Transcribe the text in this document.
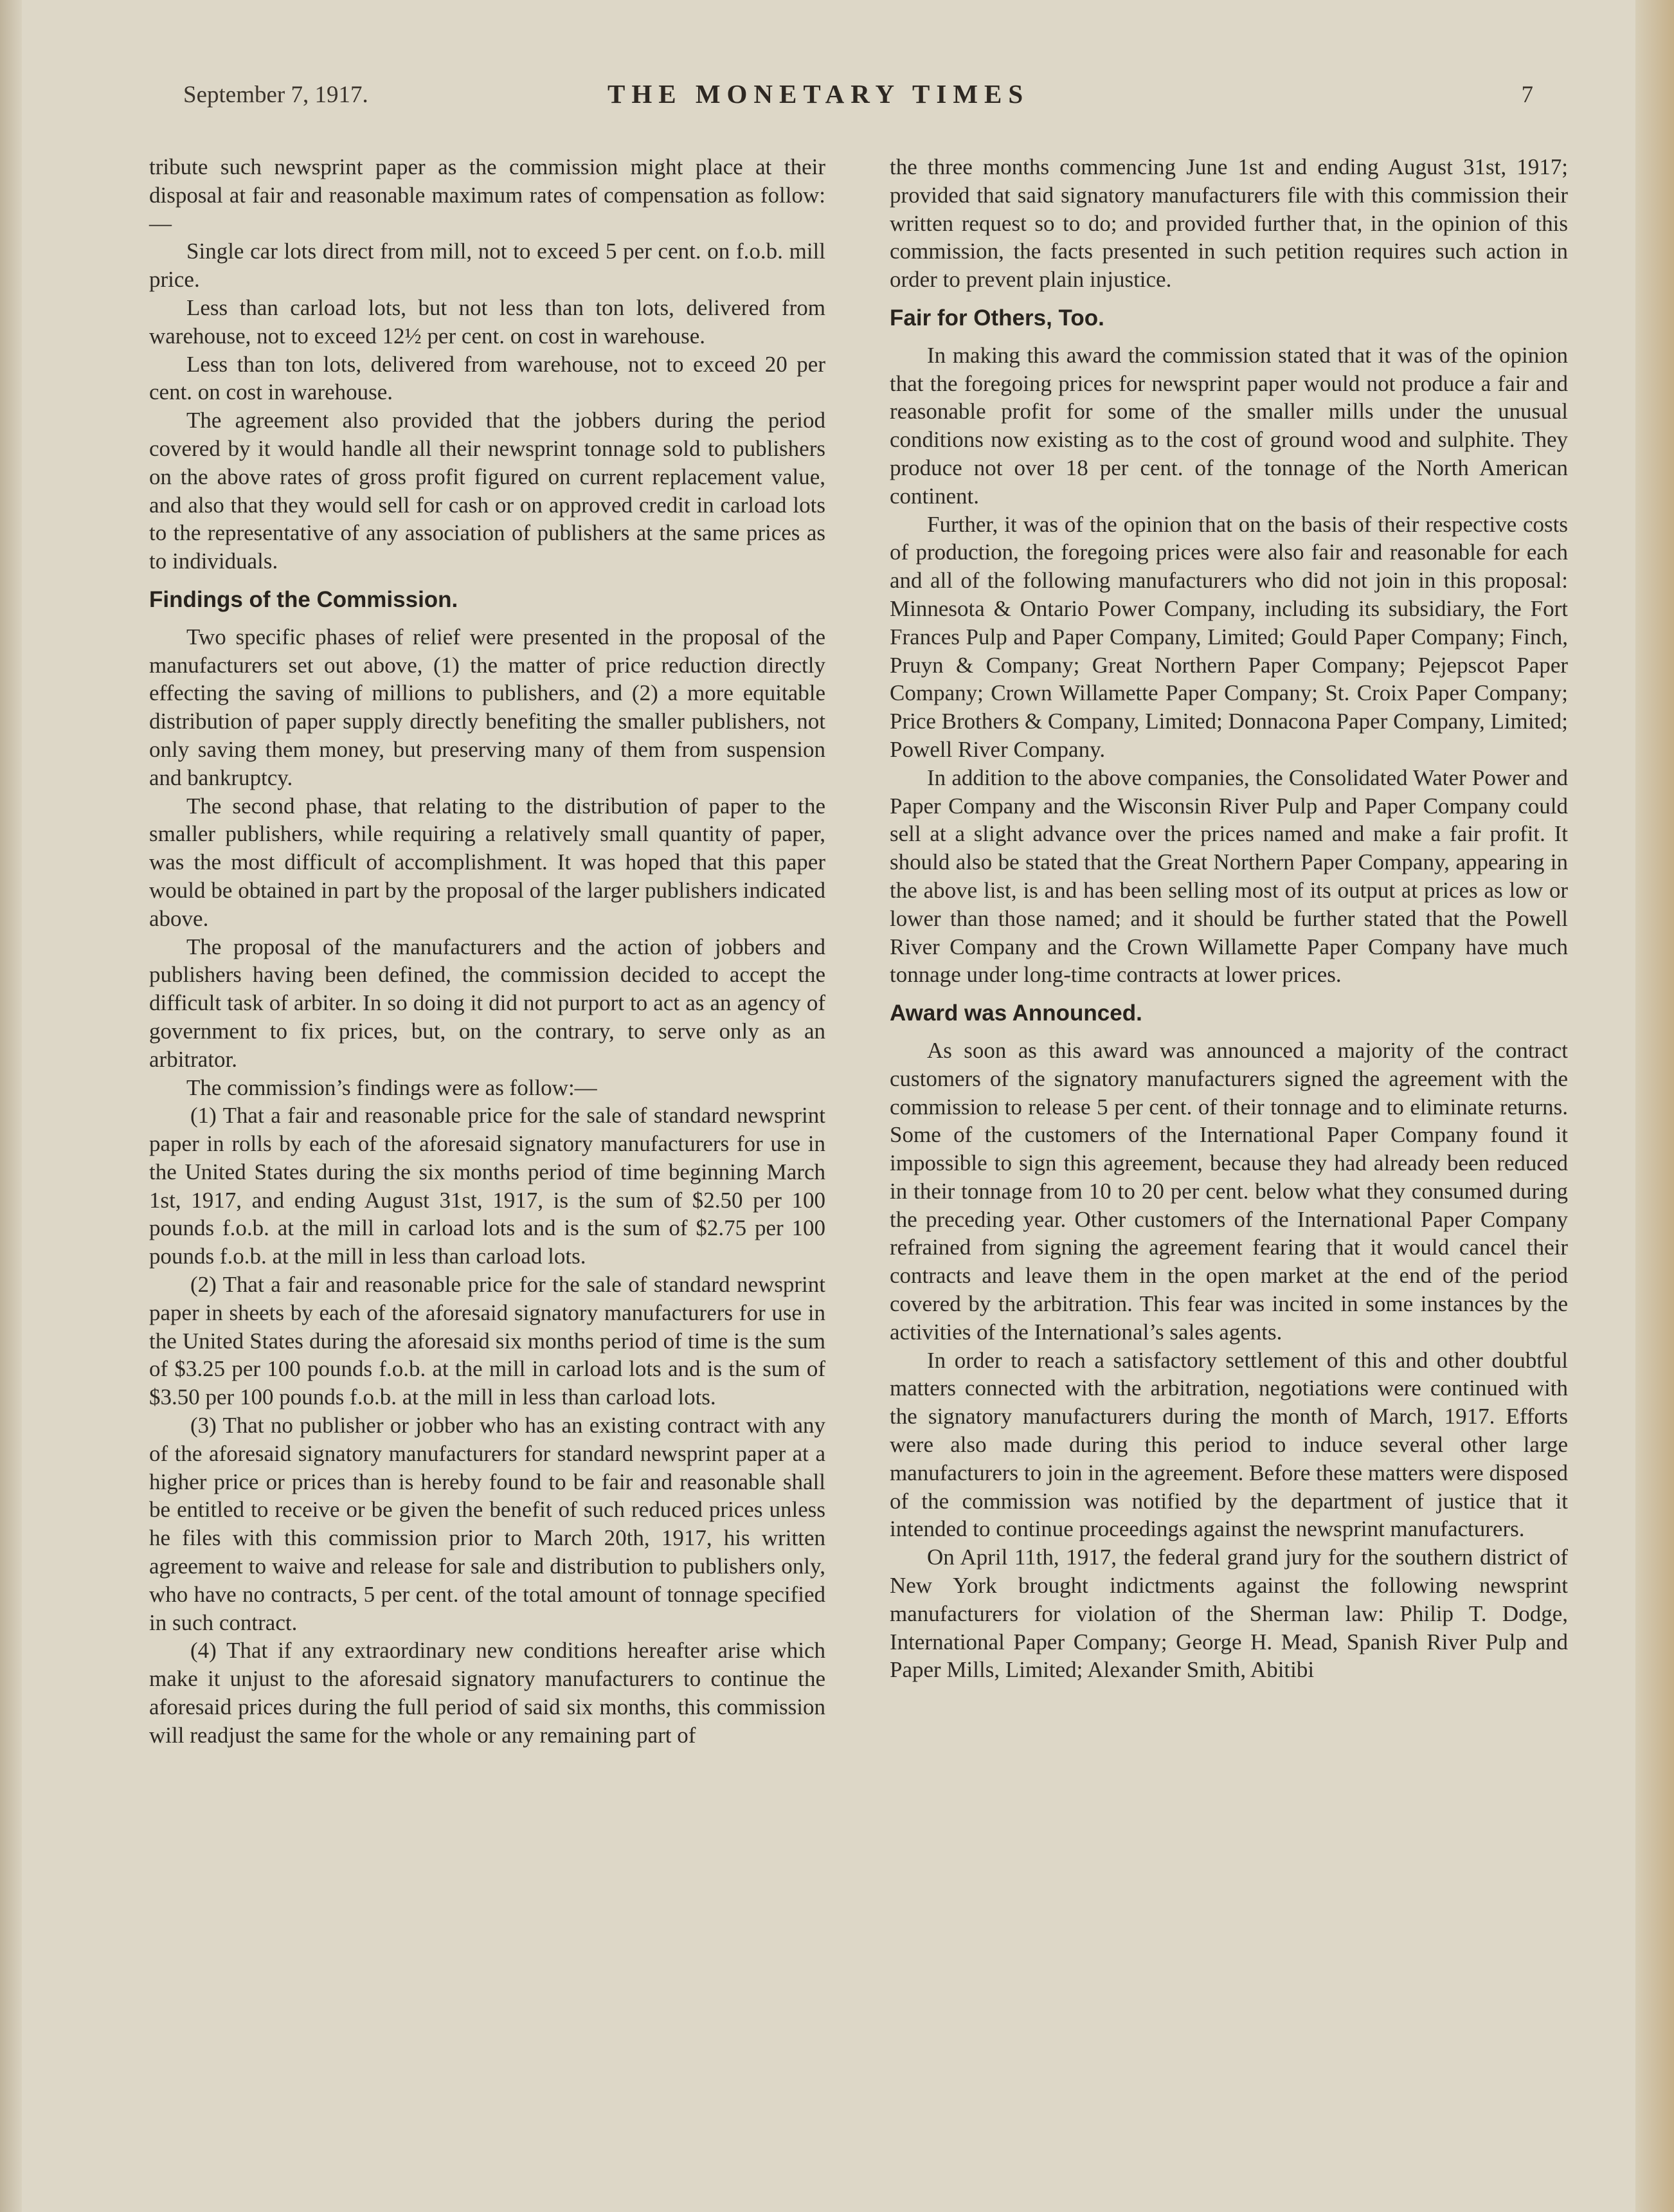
September 7, 1917.	THE MONETARY TIMES	7

tribute such newsprint paper as the commission might place at their disposal at fair and reasonable maximum rates of compensation as follow:—

Single car lots direct from mill, not to exceed 5 per cent. on f.o.b. mill price.

Less than carload lots, but not less than ton lots, delivered from warehouse, not to exceed 12½ per cent. on cost in warehouse.

Less than ton lots, delivered from warehouse, not to exceed 20 per cent. on cost in warehouse.

The agreement also provided that the jobbers during the period covered by it would handle all their newsprint tonnage sold to publishers on the above rates of gross profit figured on current replacement value, and also that they would sell for cash or on approved credit in carload lots to the representative of any association of publishers at the same prices as to individuals.

Findings of the Commission.

Two specific phases of relief were presented in the proposal of the manufacturers set out above, (1) the matter of price reduction directly effecting the saving of millions to publishers, and (2) a more equitable distribution of paper supply directly benefiting the smaller publishers, not only saving them money, but preserving many of them from suspension and bankruptcy.

The second phase, that relating to the distribution of paper to the smaller publishers, while requiring a relatively small quantity of paper, was the most difficult of accomplishment. It was hoped that this paper would be obtained in part by the proposal of the larger publishers indicated above.

The proposal of the manufacturers and the action of jobbers and publishers having been defined, the commission decided to accept the difficult task of arbiter. In so doing it did not purport to act as an agency of government to fix prices, but, on the contrary, to serve only as an arbitrator.

The commission’s findings were as follow:—

(1) That a fair and reasonable price for the sale of standard newsprint paper in rolls by each of the aforesaid signatory manufacturers for use in the United States during the six months period of time beginning March 1st, 1917, and ending August 31st, 1917, is the sum of $2.50 per 100 pounds f.o.b. at the mill in carload lots and is the sum of $2.75 per 100 pounds f.o.b. at the mill in less than carload lots.

(2) That a fair and reasonable price for the sale of standard newsprint paper in sheets by each of the aforesaid signatory manufacturers for use in the United States during the aforesaid six months period of time is the sum of $3.25 per 100 pounds f.o.b. at the mill in carload lots and is the sum of $3.50 per 100 pounds f.o.b. at the mill in less than carload lots.

(3) That no publisher or jobber who has an existing contract with any of the aforesaid signatory manufacturers for standard newsprint paper at a higher price or prices than is hereby found to be fair and reasonable shall be entitled to receive or be given the benefit of such reduced prices unless he files with this commission prior to March 20th, 1917, his written agreement to waive and release for sale and distribution to publishers only, who have no contracts, 5 per cent. of the total amount of tonnage specified in such contract.

(4) That if any extraordinary new conditions hereafter arise which make it unjust to the aforesaid signatory manufacturers to continue the aforesaid prices during the full period of said six months, this commission will readjust the same for the whole or any remaining part of

the three months commencing June 1st and ending August 31st, 1917; provided that said signatory manufacturers file with this commission their written request so to do; and provided further that, in the opinion of this commission, the facts presented in such petition requires such action in order to prevent plain injustice.

Fair for Others, Too.

In making this award the commission stated that it was of the opinion that the foregoing prices for newsprint paper would not produce a fair and reasonable profit for some of the smaller mills under the unusual conditions now existing as to the cost of ground wood and sulphite. They produce not over 18 per cent. of the tonnage of the North American continent.

Further, it was of the opinion that on the basis of their respective costs of production, the foregoing prices were also fair and reasonable for each and all of the following manufacturers who did not join in this proposal: Minnesota & Ontario Power Company, including its subsidiary, the Fort Frances Pulp and Paper Company, Limited; Gould Paper Company; Finch, Pruyn & Company; Great Northern Paper Company; Pejepscot Paper Company; Crown Willamette Paper Company; St. Croix Paper Company; Price Brothers & Company, Limited; Donnacona Paper Company, Limited; Powell River Company.

In addition to the above companies, the Consolidated Water Power and Paper Company and the Wisconsin River Pulp and Paper Company could sell at a slight advance over the prices named and make a fair profit. It should also be stated that the Great Northern Paper Company, appearing in the above list, is and has been selling most of its output at prices as low or lower than those named; and it should be further stated that the Powell River Company and the Crown Willamette Paper Company have much tonnage under long-time contracts at lower prices.

Award was Announced.

As soon as this award was announced a majority of the contract customers of the signatory manufacturers signed the agreement with the commission to release 5 per cent. of their tonnage and to eliminate returns. Some of the customers of the International Paper Company found it impossible to sign this agreement, because they had already been reduced in their tonnage from 10 to 20 per cent. below what they consumed during the preceding year. Other customers of the International Paper Company refrained from signing the agreement fearing that it would cancel their contracts and leave them in the open market at the end of the period covered by the arbitration. This fear was incited in some instances by the activities of the International’s sales agents.

In order to reach a satisfactory settlement of this and other doubtful matters connected with the arbitration, negotiations were continued with the signatory manufacturers during the month of March, 1917. Efforts were also made during this period to induce several other large manufacturers to join in the agreement. Before these matters were disposed of the commission was notified by the department of justice that it intended to continue proceedings against the newsprint manufacturers.

On April 11th, 1917, the federal grand jury for the southern district of New York brought indictments against the following newsprint manufacturers for violation of the Sherman law: Philip T. Dodge, International Paper Company; George H. Mead, Spanish River Pulp and Paper Mills, Limited; Alexander Smith, Abitibi
